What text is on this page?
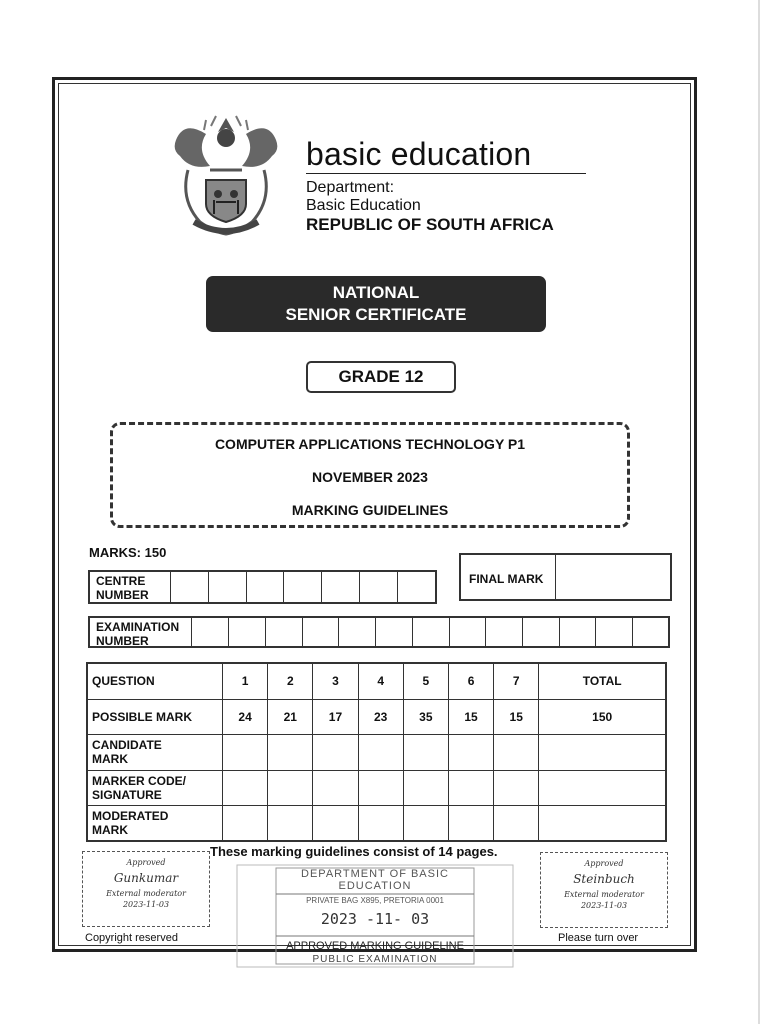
basic education
Department:
Basic Education
REPUBLIC OF SOUTH AFRICA
NATIONAL
SENIOR CERTIFICATE
GRADE 12
COMPUTER APPLICATIONS TECHNOLOGY P1
NOVEMBER 2023
MARKING GUIDELINES
MARKS: 150
CENTRE
NUMBER
FINAL MARK
EXAMINATION
NUMBER
QUESTION	1	2	3	4	5	6	7	TOTAL
POSSIBLE MARK	24	21	17	23	35	15	15	150

CANDIDATE
MARK								

MARKER CODE/
SIGNATURE								

MODERATED
MARK								

These marking guidelines consist of 14 pages.
Approved
Gunkumar
External moderator
2023-11-03
Approved
Steinbuch
External moderator
2023-11-03
DEPARTMENT OF BASIC
EDUCATION
PRIVATE BAG X895, PRETORIA 0001
2023 -11- 03
APPROVED MARKING GUIDELINE
PUBLIC EXAMINATION
Copyright reserved	Please turn over
